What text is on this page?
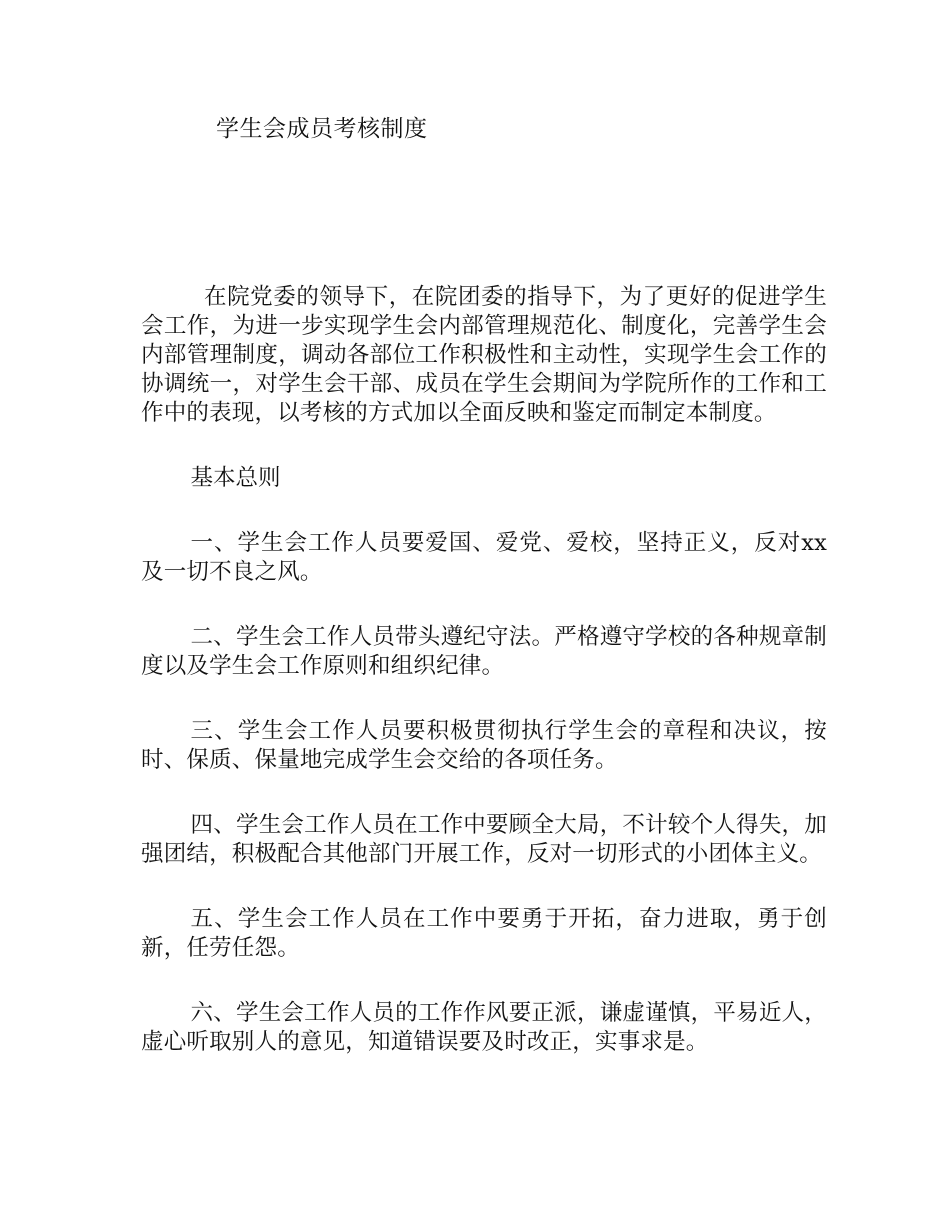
学生会成员考核制度

在院党委的领导下，在院团委的指导下，为了更好的促进学生会工作，为进一步实现学生会内部管理规范化、制度化，完善学生会内部管理制度，调动各部位工作积极性和主动性，实现学生会工作的协调统一，对学生会干部、成员在学生会期间为学院所作的工作和工作中的表现，以考核的方式加以全面反映和鉴定而制定本制度。

基本总则

一、学生会工作人员要爱国、爱党、爱校，坚持正义，反对xx及一切不良之风。

二、学生会工作人员带头遵纪守法。严格遵守学校的各种规章制度以及学生会工作原则和组织纪律。

三、学生会工作人员要积极贯彻执行学生会的章程和决议，按时、保质、保量地完成学生会交给的各项任务。

四、学生会工作人员在工作中要顾全大局，不计较个人得失，加强团结，积极配合其他部门开展工作，反对一切形式的小团体主义。

五、学生会工作人员在工作中要勇于开拓，奋力进取，勇于创新，任劳任怨。

六、学生会工作人员的工作作风要正派，谦虚谨慎，平易近人，虚心听取别人的意见，知道错误要及时改正，实事求是。
